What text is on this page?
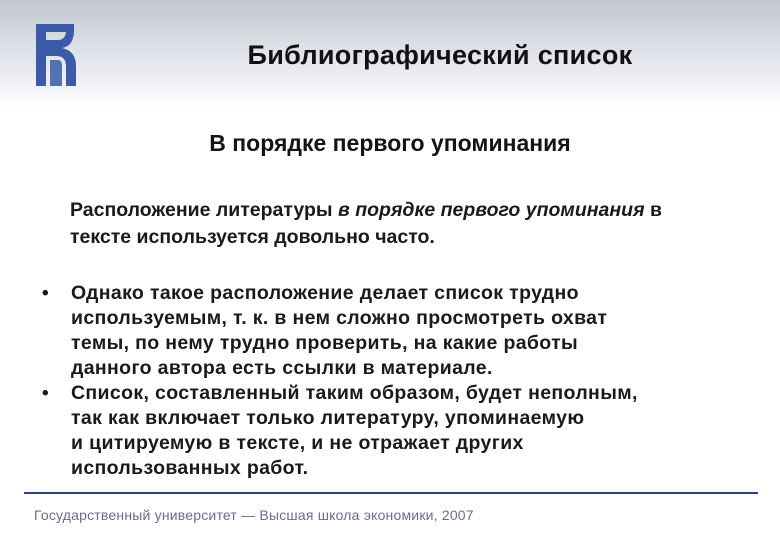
Библиографический список
В порядке первого упоминания
Расположение литературы в порядке первого упоминания в тексте используется довольно часто.
• Однако такое расположение делает список трудно
используемым, т. к. в нем сложно просмотреть охват
темы, по нему трудно проверить, на какие работы
данного автора есть ссылки в материале.
• Список, составленный таким образом, будет неполным,
так как включает только литературу, упоминаемую
и цитируемую в тексте, и не отражает других
использованных работ.
Государственный университет — Высшая школа экономики, 2007
